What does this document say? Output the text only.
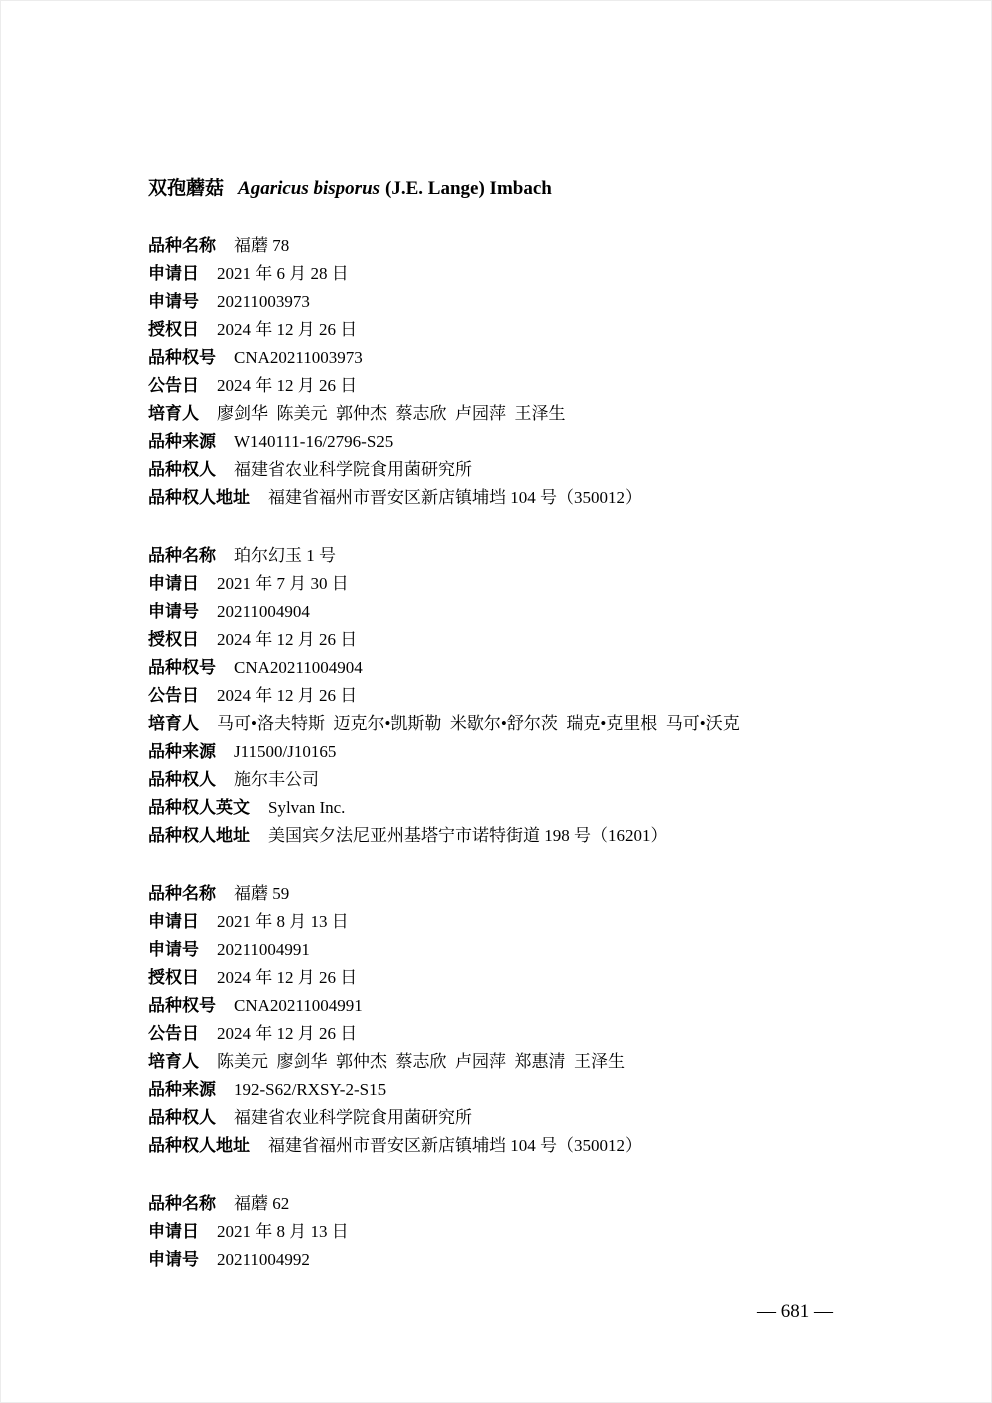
双孢蘑菇 Agaricus bisporus (J.E. Lange) Imbach
品种名称 福蘑 78
申请日 2021 年 6 月 28 日
申请号 20211003973
授权日 2024 年 12 月 26 日
品种权号 CNA20211003973
公告日 2024 年 12 月 26 日
培育人 廖剑华 陈美元 郭仲杰 蔡志欣 卢园萍 王泽生
品种来源 W140111-16/2796-S25
品种权人 福建省农业科学院食用菌研究所
品种权人地址 福建省福州市晋安区新店镇埔垱 104 号（350012）
品种名称 珀尔幻玉 1 号
申请日 2021 年 7 月 30 日
申请号 20211004904
授权日 2024 年 12 月 26 日
品种权号 CNA20211004904
公告日 2024 年 12 月 26 日
培育人 马可•洛夫特斯 迈克尔•凯斯勒 米歇尔•舒尔茨 瑞克•克里根 马可•沃克
品种来源 J11500/J10165
品种权人 施尔丰公司
品种权人英文 Sylvan Inc.
品种权人地址 美国宾夕法尼亚州基塔宁市诺特街道 198 号（16201）
品种名称 福蘑 59
申请日 2021 年 8 月 13 日
申请号 20211004991
授权日 2024 年 12 月 26 日
品种权号 CNA20211004991
公告日 2024 年 12 月 26 日
培育人 陈美元 廖剑华 郭仲杰 蔡志欣 卢园萍 郑惠清 王泽生
品种来源 192-S62/RXSY-2-S15
品种权人 福建省农业科学院食用菌研究所
品种权人地址 福建省福州市晋安区新店镇埔垱 104 号（350012）
品种名称 福蘑 62
申请日 2021 年 8 月 13 日
申请号 20211004992
— 681 —
